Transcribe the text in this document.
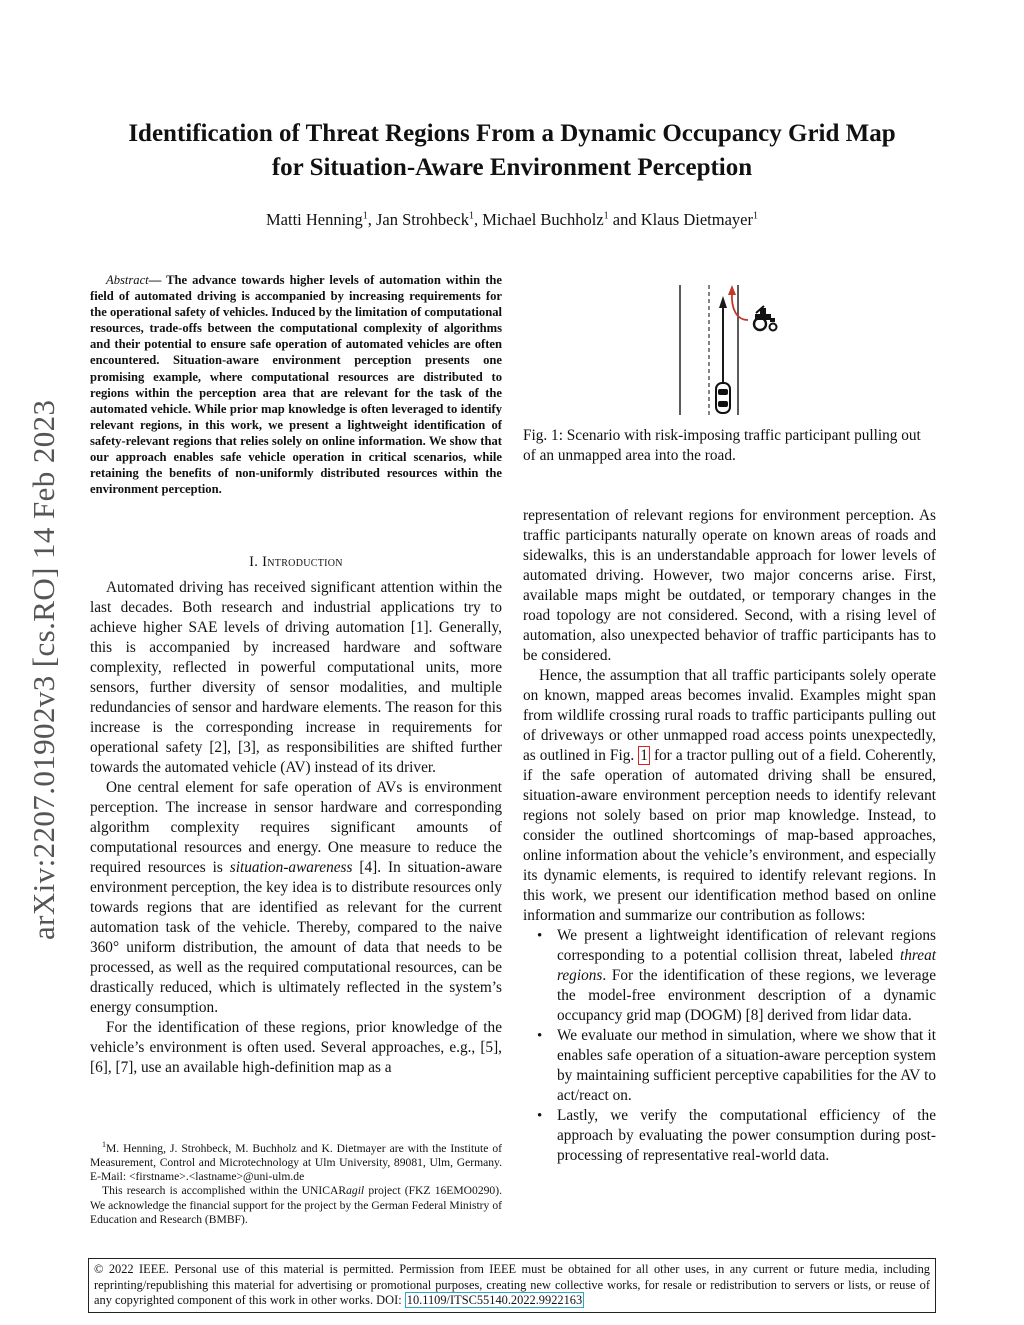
arXiv:2207.01902v3 [cs.RO] 14 Feb 2023
Identification of Threat Regions From a Dynamic Occupancy Grid Map
for Situation-Aware Environment Perception
Matti Henning$^1$, Jan Strohbeck$^1$, Michael Buchholz$^1$ and Klaus Dietmayer$^1$
Abstract— The advance towards higher levels of automation within the field of automated driving is accompanied by increasing requirements for the operational safety of vehicles. Induced by the limitation of computational resources, trade-offs between the computational complexity of algorithms and their potential to ensure safe operation of automated vehicles are often encountered. Situation-aware environment perception presents one promising example, where computational resources are distributed to regions within the perception area that are relevant for the task of the automated vehicle. While prior map knowledge is often leveraged to identify relevant regions, in this work, we present a lightweight identification of safety-relevant regions that relies solely on online information. We show that our approach enables safe vehicle operation in critical scenarios, while retaining the benefits of non-uniformly distributed resources within the environment perception.
I. Introduction

Automated driving has received significant attention within the last decades. Both research and industrial applications try to achieve higher SAE levels of driving automation [1]. Generally, this is accompanied by increased hardware and software complexity, reflected in powerful computational units, more sensors, further diversity of sensor modalities, and multiple redundancies of sensor and hardware elements. The reason for this increase is the corresponding increase in requirements for operational safety [2], [3], as responsibilities are shifted further towards the automated vehicle (AV) instead of its driver.

One central element for safe operation of AVs is environment perception. The increase in sensor hardware and corresponding algorithm complexity requires significant amounts of computational resources and energy. One measure to reduce the required resources is situation-awareness [4]. In situation-aware environment perception, the key idea is to distribute resources only towards regions that are identified as relevant for the current automation task of the vehicle. Thereby, compared to the naive 360° uniform distribution, the amount of data that needs to be processed, as well as the required computational resources, can be drastically reduced, which is ultimately reflected in the system’s energy consumption.

For the identification of these regions, prior knowledge of the vehicle’s environment is often used. Several approaches, e.g., [5], [6], [7], use an available high-definition map as a

$^1$M. Henning, J. Strohbeck, M. Buchholz and K. Dietmayer are with the Institute of Measurement, Control and Microtechnology at Ulm University, 89081, Ulm, Germany. E-Mail: <firstname>.<lastname>@uni-ulm.de

This research is accomplished within the UNICARagil project (FKZ 16EMO0290). We acknowledge the financial support for the project by the German Federal Ministry of Education and Research (BMBF).

Fig. 1: Scenario with risk-imposing traffic participant pulling out of an unmapped area into the road.

representation of relevant regions for environment perception. As traffic participants naturally operate on known areas of roads and sidewalks, this is an understandable approach for lower levels of automated driving. However, two major concerns arise. First, available maps might be outdated, or temporary changes in the road topology are not considered. Second, with a rising level of automation, also unexpected behavior of traffic participants has to be considered.

Hence, the assumption that all traffic participants solely operate on known, mapped areas becomes invalid. Examples might span from wildlife crossing rural roads to traffic participants pulling out of driveways or other unmapped road access points unexpectedly, as outlined in Fig. 1 for a tractor pulling out of a field. Coherently, if the safe operation of automated driving shall be ensured, situation-aware environment perception needs to identify relevant regions not solely based on prior map knowledge. Instead, to consider the outlined shortcomings of map-based approaches, online information about the vehicle’s environment, and especially its dynamic elements, is required to identify relevant regions. In this work, we present our identification method based on online information and summarize our contribution as follows:

• We present a lightweight identification of relevant regions corresponding to a potential collision threat, labeled threat regions. For the identification of these regions, we leverage the model-free environment description of a dynamic occupancy grid map (DOGM) [8] derived from lidar data.
• We evaluate our method in simulation, where we show that it enables safe operation of a situation-aware perception system by maintaining sufficient perceptive capabilities for the AV to act/react on.
• Lastly, we verify the computational efficiency of the approach by evaluating the power consumption during post-processing of representative real-world data.
© 2022 IEEE. Personal use of this material is permitted. Permission from IEEE must be obtained for all other uses, in any current or future media, including reprinting/republishing this material for advertising or promotional purposes, creating new collective works, for resale or redistribution to servers or lists, or reuse of any copyrighted component of this work in other works. DOI: 10.1109/ITSC55140.2022.9922163
